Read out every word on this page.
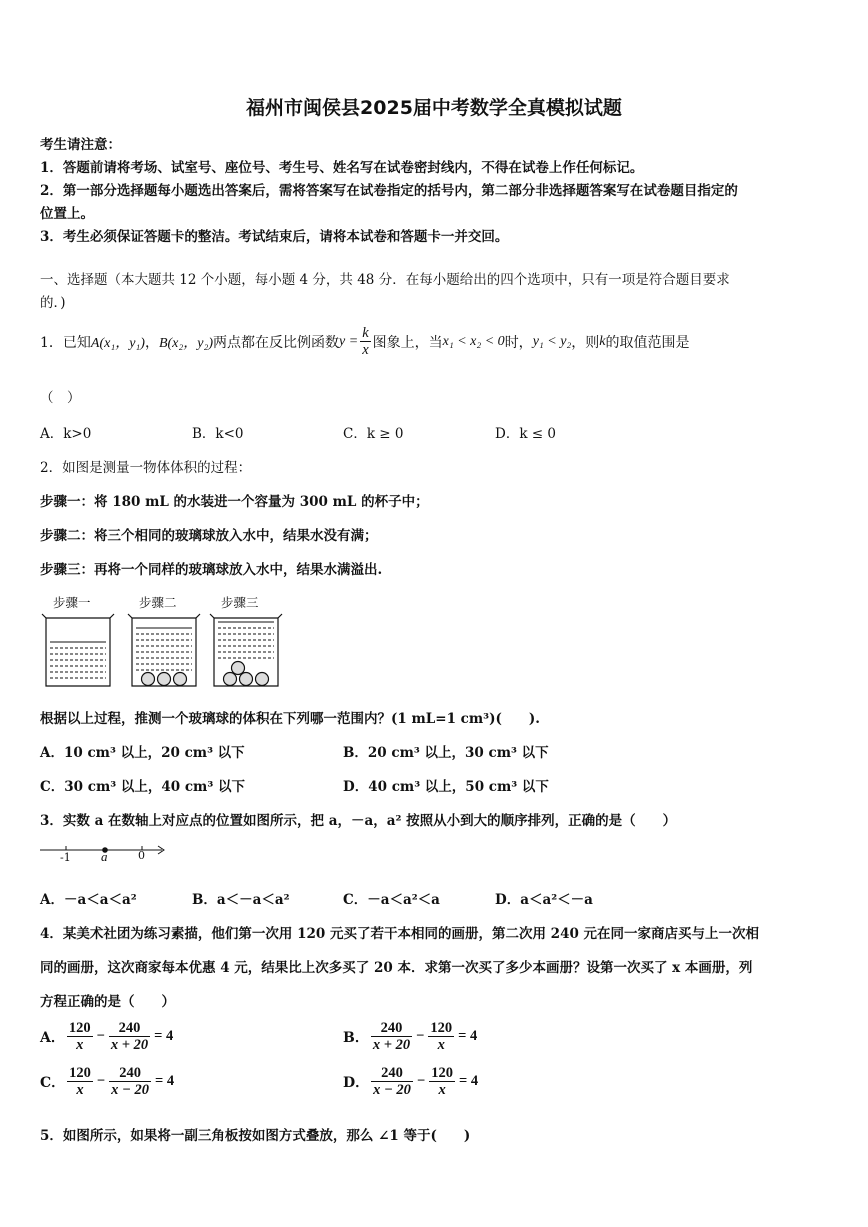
福州市闽侯县2025届中考数学全真模拟试题
考生请注意：
1．答题前请将考场、试室号、座位号、考生号、姓名写在试卷密封线内，不得在试卷上作任何标记。
2．第一部分选择题每小题选出答案后，需将答案写在试卷指定的括号内，第二部分非选择题答案写在试卷题目指定的
位置上。
3．考生必须保证答题卡的整洁。考试结束后，请将本试卷和答题卡一并交回。
一、选择题（本大题共 12 个小题，每小题 4 分，共 48 分．在每小题给出的四个选项中，只有一项是符合题目要求
的．)
1．已知 A(x₁，y₁) ， B(x₂，y₂) 两点都在反比例函数 $y = \frac{k}{x}$ 图象上，当 x₁ < x₂ < 0 时， y₁ < y₂ ，则 k 的取值范围是
（　）
A．k>0	B．k<0	C．k ≥ 0	D．k ≤ 0
2．如图是测量一物体体积的过程：
步骤一：将 180 mL 的水装进一个容量为 300 mL 的杯子中；
步骤二：将三个相同的玻璃球放入水中，结果水没有满；
步骤三：再将一个同样的玻璃球放入水中，结果水满溢出.
步骤一	步骤二	步骤三
根据以上过程，推测一个玻璃球的体积在下列哪一范围内？(1 mL=1 cm³)(　　).
A．10 cm³ 以上，20 cm³ 以下	B．20 cm³ 以上，30 cm³ 以下
C．30 cm³ 以上，40 cm³ 以下	D．40 cm³ 以上，50 cm³ 以下
3．实数 a 在数轴上对应点的位置如图所示，把 a，－a，a² 按照从小到大的顺序排列，正确的是（　　）
-1 a	0
A．－a＜a＜a²	B．a＜－a＜a²	C．－a＜a²＜a	D．a＜a²＜－a
4．某美术社团为练习素描，他们第一次用 120 元买了若干本相同的画册，第二次用 240 元在同一家商店买与上一次相
同的画册，这次商家每本优惠 4 元，结果比上次多买了 20 本．求第一次买了多少本画册？设第一次买了 x 本画册，列
方程正确的是（　　）
A． $\frac{120}{x} - \frac{240}{x + 20} = 4$	B． $\frac{240}{x + 20} - \frac{120}{x} = 4$
C． $\frac{120}{x} - \frac{240}{x - 20} = 4$	D． $\frac{240}{x - 20} - \frac{120}{x} = 4$
5．如图所示，如果将一副三角板按如图方式叠放，那么 ∠1 等于(　　)
